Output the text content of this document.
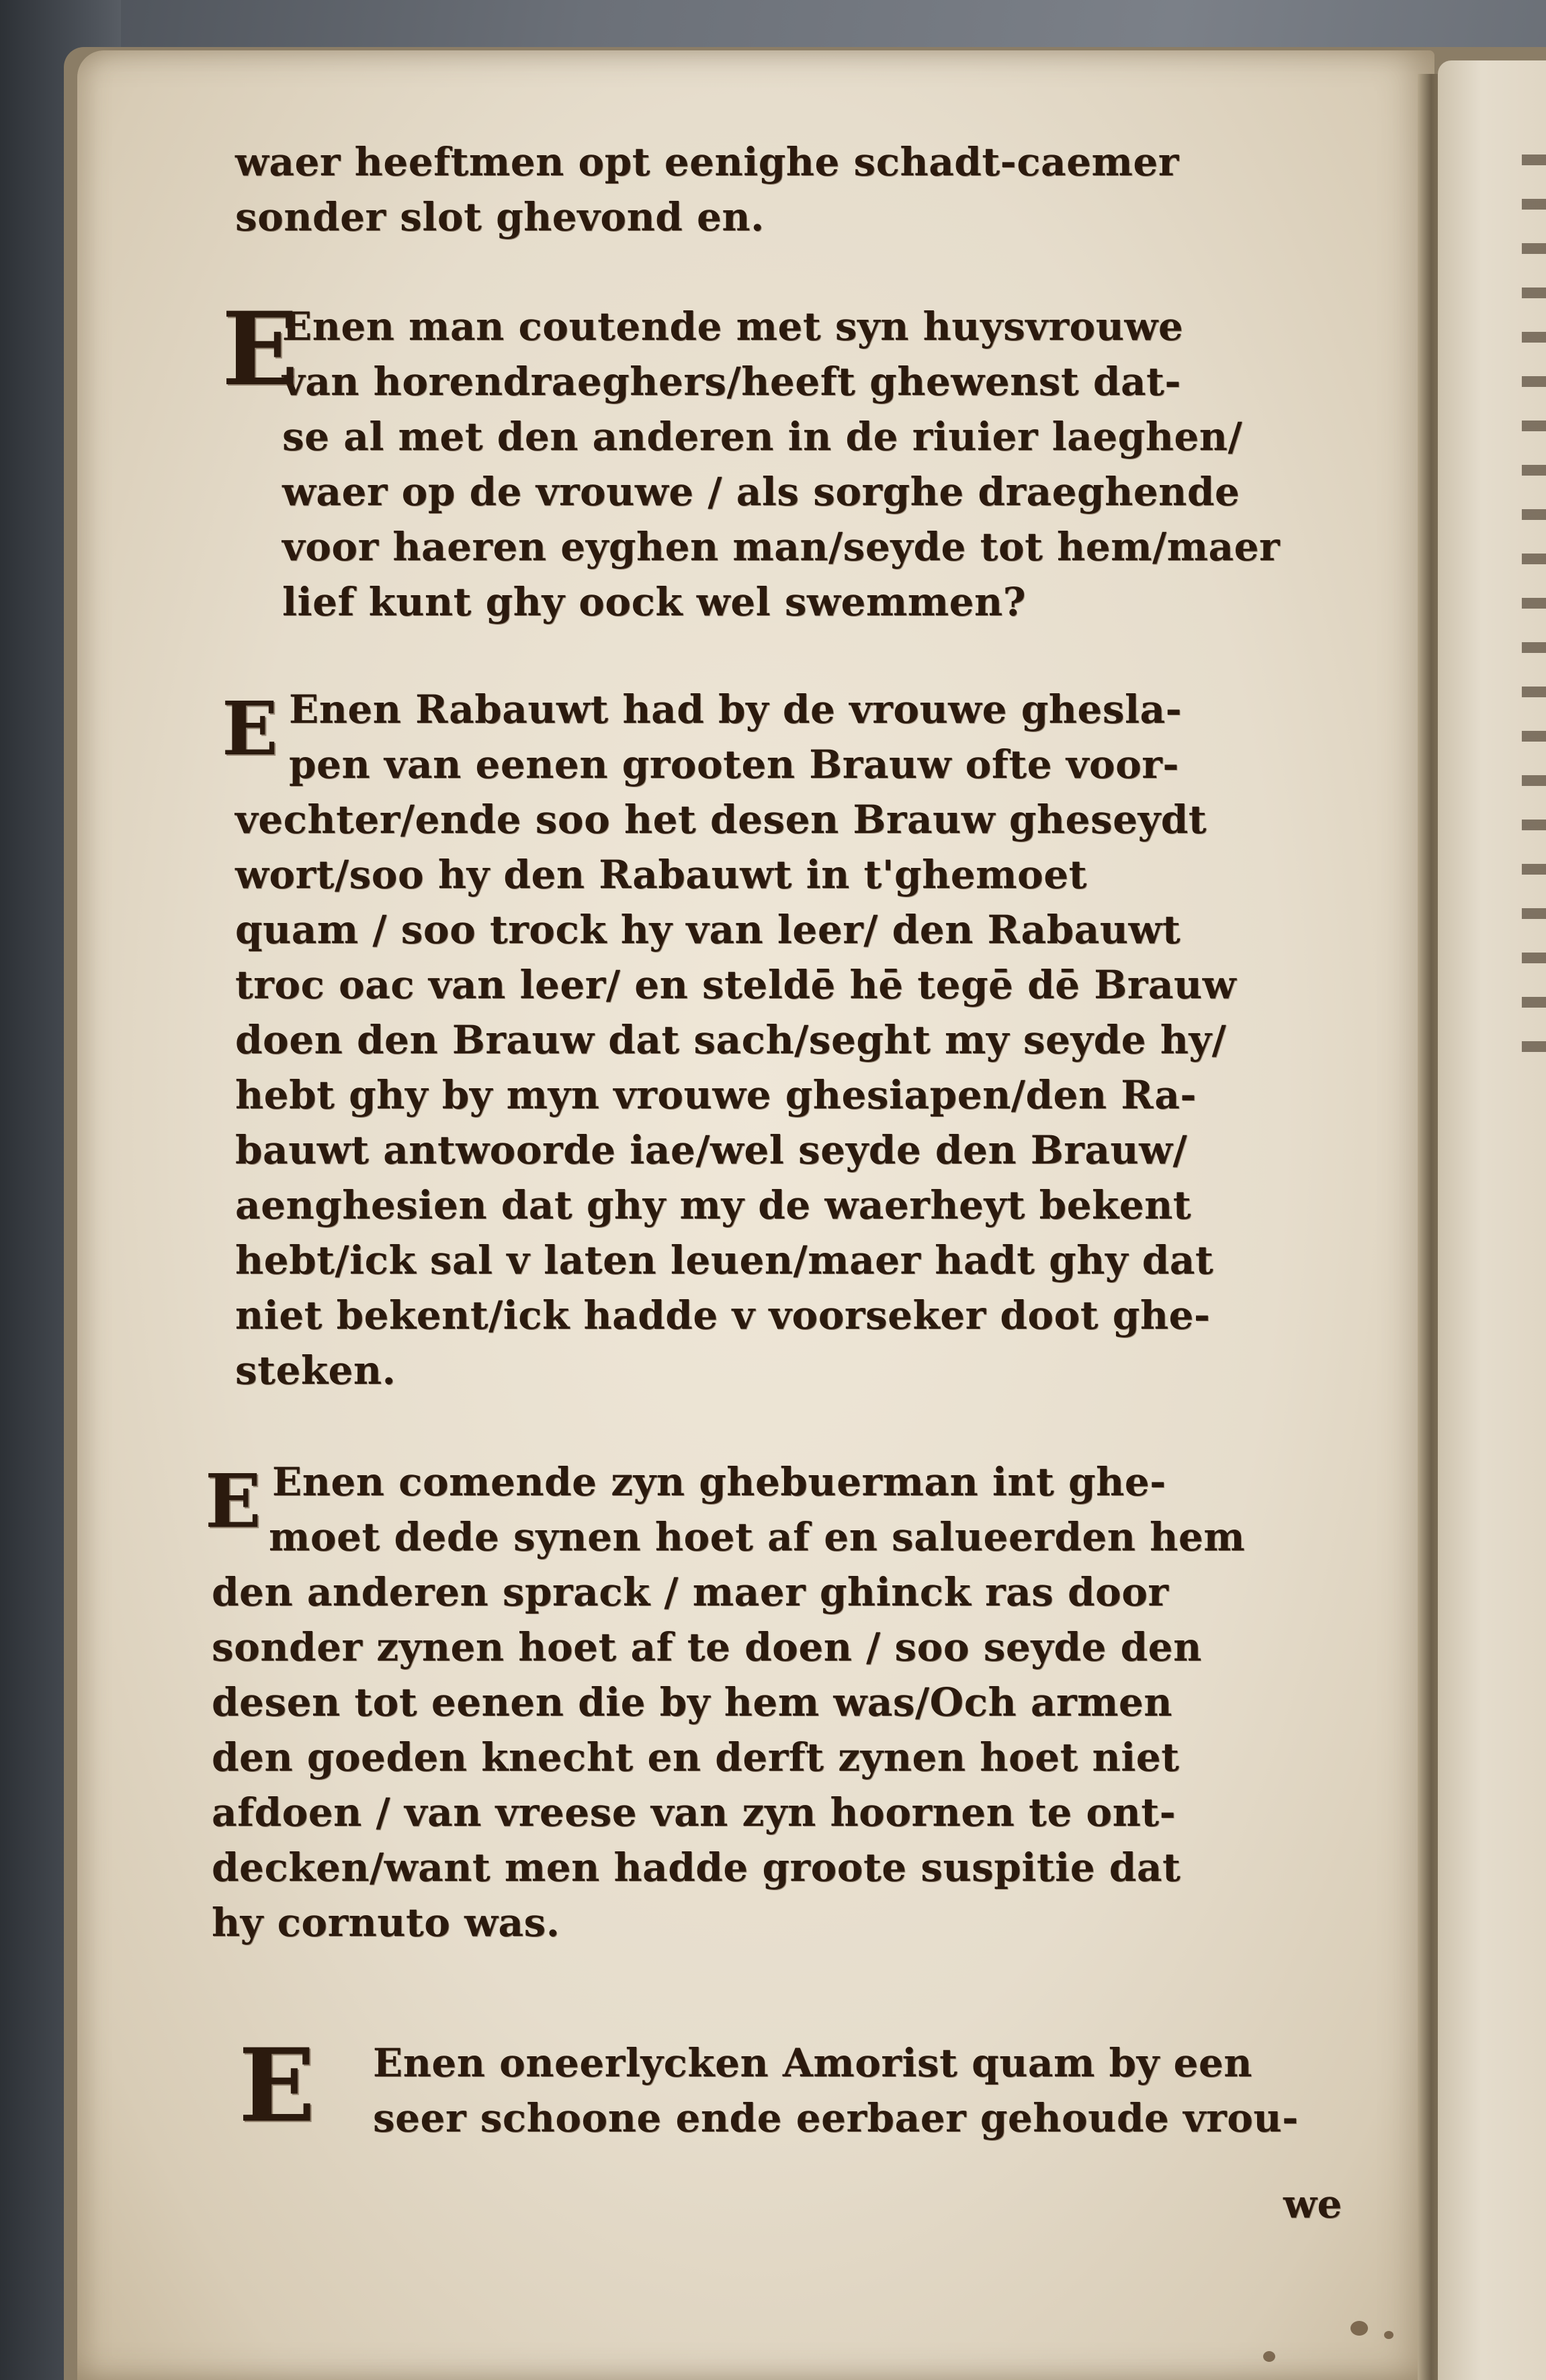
waer heeftmen opt eenighe schadt-caemer
sonder slot ghevond en.
E
Enen man coutende met syn huysvrouwe
van horendraeghers/heeft ghewenst dat-
se al met den anderen in de riuier laeghen/
waer op de vrouwe / als sorghe draeghende
voor haeren eyghen man/seyde tot hem/maer
lief kunt ghy oock wel swemmen?
E Enen Rabauwt had by de vrouwe ghesla-
pen van eenen grooten Brauw ofte voor-
vechter/ende soo het desen Brauw gheseydt
wort/soo hy den Rabauwt in t'ghemoet
quam / soo trock hy van leer/ den Rabauwt
troc oac van leer/ en steldē hē tegē dē Brauw
doen den Brauw dat sach/seght my seyde hy/
hebt ghy by myn vrouwe ghesiapen/den Ra-
bauwt antwoorde iae/wel seyde den Brauw/
aenghesien dat ghy my de waerheyt bekent
hebt/ick sal v laten leuen/maer hadt ghy dat
niet bekent/ick hadde v voorseker doot ghe-
steken.
E Enen comende zyn ghebuerman int ghe-
moet dede synen hoet af en salueerden hem
den anderen sprack / maer ghinck ras door
sonder zynen hoet af te doen / soo seyde den
desen tot eenen die by hem was/Och armen
den goeden knecht en derft zynen hoet niet
afdoen / van vreese van zyn hoornen te ont-
decken/want men hadde groote suspitie dat
hy cornuto was.
E Enen oneerlycken Amorist quam by een
seer schoone ende eerbaer gehoude vrou-
we
